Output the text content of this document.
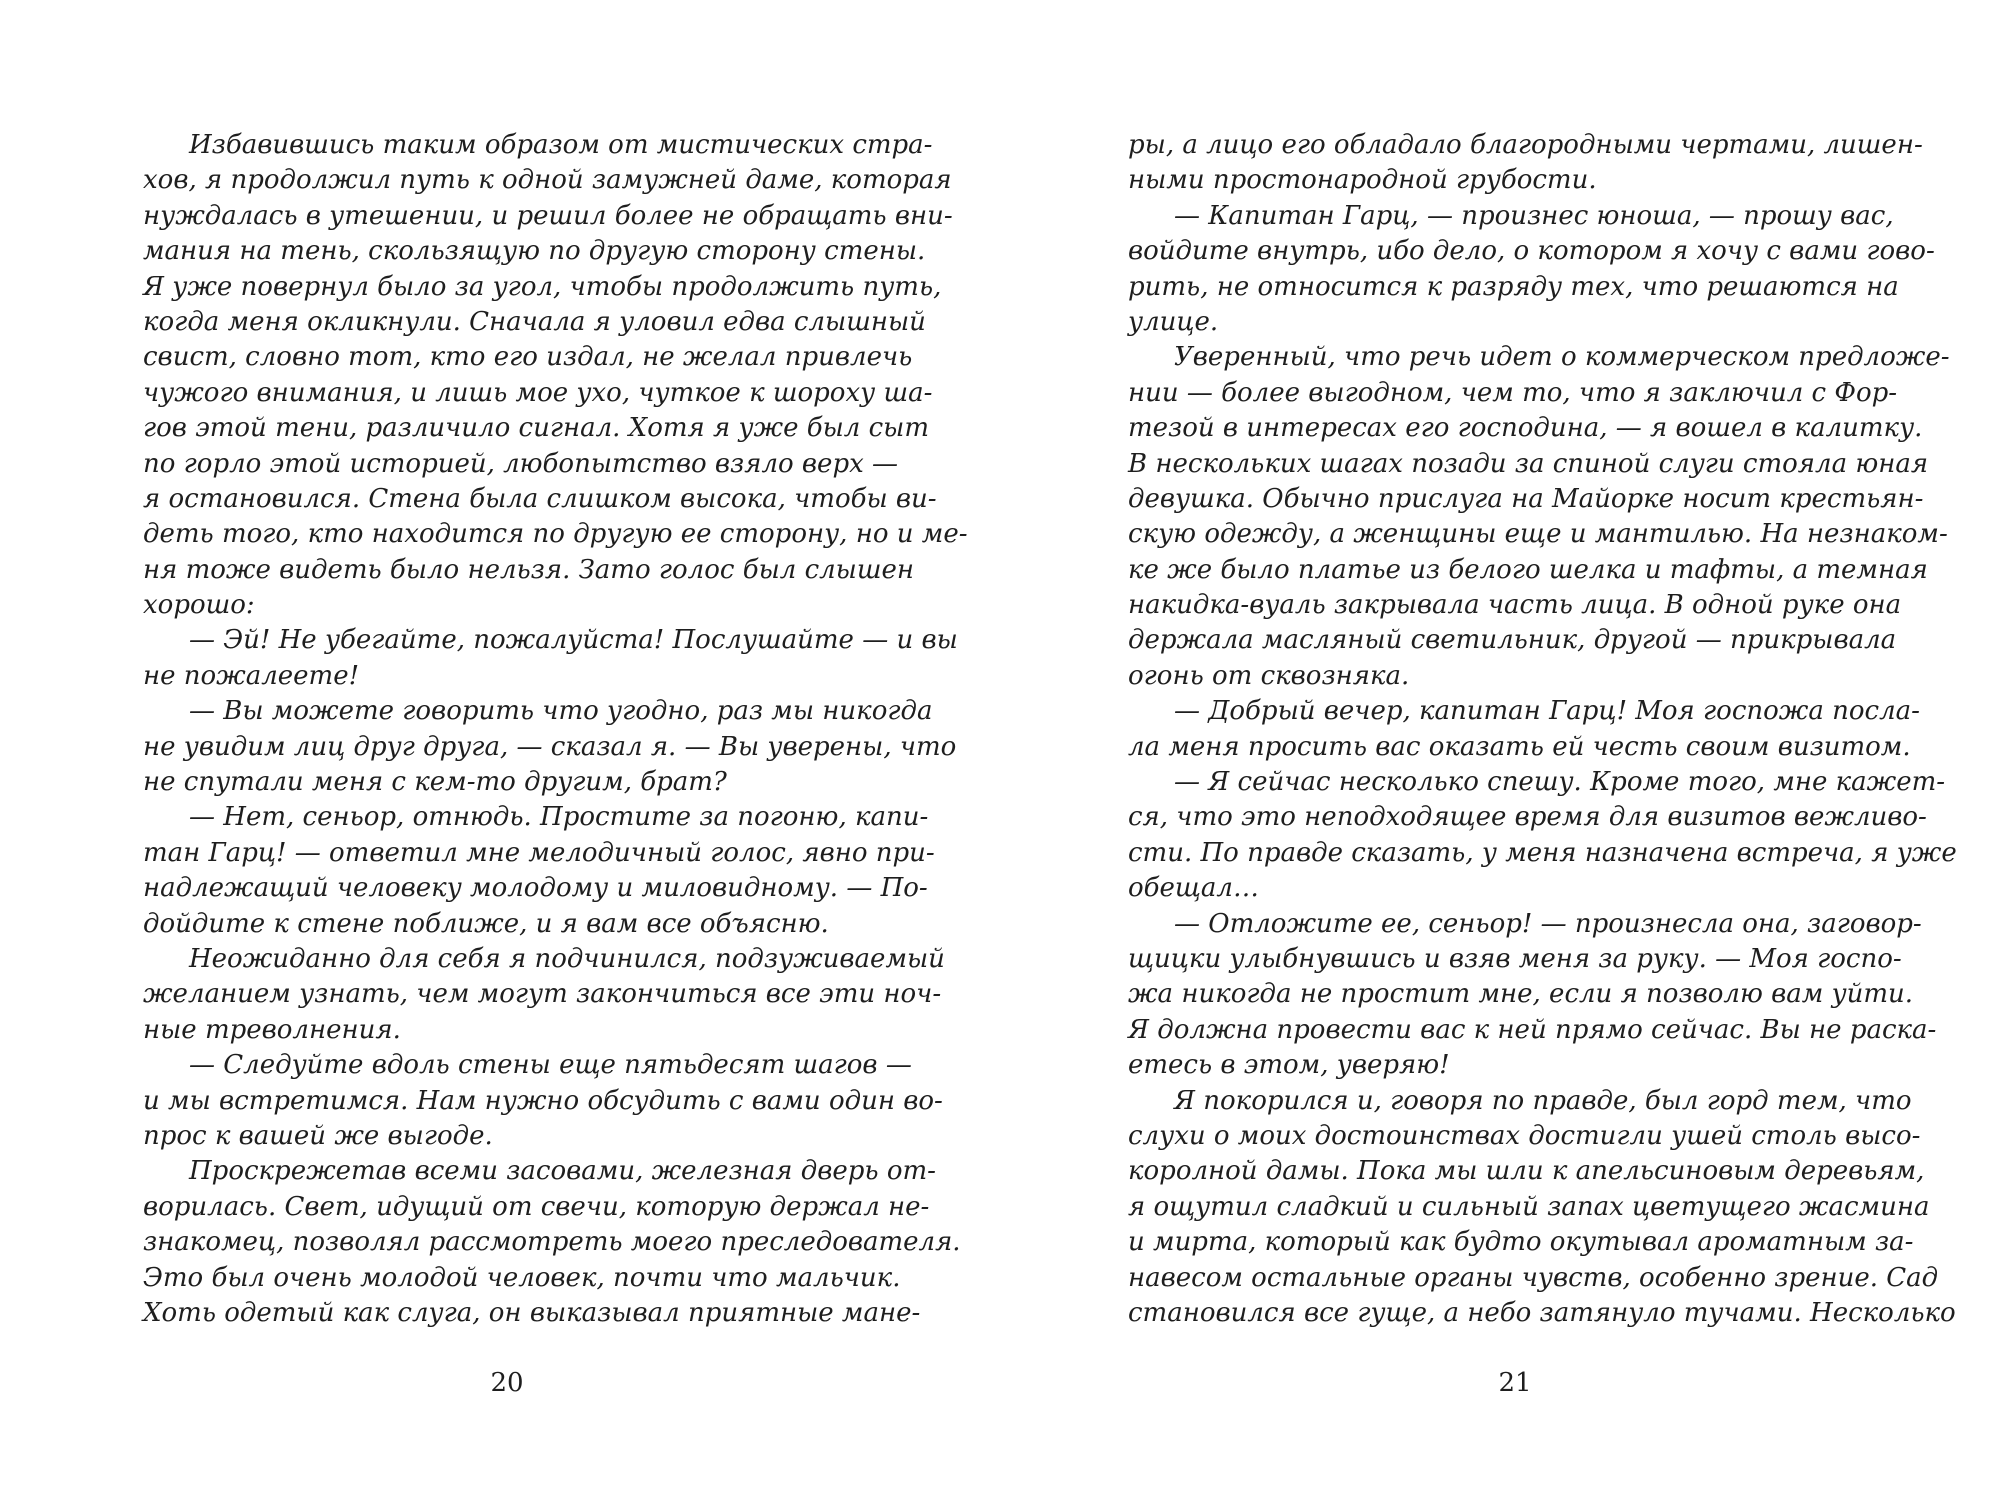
Избавившись таким образом от мистических стра-
хов, я продолжил путь к одной замужней даме, которая
нуждалась в утешении, и решил более не обращать вни-
мания на тень, скользящую по другую сторону стены.
Я уже повернул было за угол, чтобы продолжить путь,
когда меня окликнули. Сначала я уловил едва слышный
свист, словно тот, кто его издал, не желал привлечь
чужого внимания, и лишь мое ухо, чуткое к шороху ша-
гов этой тени, различило сигнал. Хотя я уже был сыт
по горло этой историей, любопытство взяло верх —
я остановился. Стена была слишком высока, чтобы ви-
деть того, кто находится по другую ее сторону, но и ме-
ня тоже видеть было нельзя. Зато голос был слышен
хорошо:
— Эй! Не убегайте, пожалуйста! Послушайте — и вы
не пожалеете!
— Вы можете говорить что угодно, раз мы никогда
не увидим лиц друг друга, — сказал я. — Вы уверены, что
не спутали меня с кем-то другим, брат?
— Нет, сеньор, отнюдь. Простите за погоню, капи-
тан Гарц! — ответил мне мелодичный голос, явно при-
надлежащий человеку молодому и миловидному. — По-
дойдите к стене поближе, и я вам все объясню.
Неожиданно для себя я подчинился, подзуживаемый
желанием узнать, чем могут закончиться все эти ноч-
ные треволнения.
— Следуйте вдоль стены еще пятьдесят шагов —
и мы встретимся. Нам нужно обсудить с вами один во-
прос к вашей же выгоде.
Проскрежетав всеми засовами, железная дверь от-
ворилась. Свет, идущий от свечи, которую держал не-
знакомец, позволял рассмотреть моего преследователя.
Это был очень молодой человек, почти что мальчик.
Хоть одетый как слуга, он выказывал приятные мане-
20
ры, а лицо его обладало благородными чертами, лишен-
ными простонародной грубости.
— Капитан Гарц, — произнес юноша, — прошу вас,
войдите внутрь, ибо дело, о котором я хочу с вами гово-
рить, не относится к разряду тех, что решаются на
улице.
Уверенный, что речь идет о коммерческом предложе-
нии — более выгодном, чем то, что я заключил с Фор-
тезой в интересах его господина, — я вошел в калитку.
В нескольких шагах позади за спиной слуги стояла юная
девушка. Обычно прислуга на Майорке носит крестьян-
скую одежду, а женщины еще и мантилью. На незнаком-
ке же было платье из белого шелка и тафты, а темная
накидка-вуаль закрывала часть лица. В одной руке она
держала масляный светильник, другой — прикрывала
огонь от сквозняка.
— Добрый вечер, капитан Гарц! Моя госпожа посла-
ла меня просить вас оказать ей честь своим визитом.
— Я сейчас несколько спешу. Кроме того, мне кажет-
ся, что это неподходящее время для визитов вежливо-
сти. По правде сказать, у меня назначена встреча, я уже
обещал…
— Отложите ее, сеньор! — произнесла она, заговор-
щицки улыбнувшись и взяв меня за руку. — Моя госпо-
жа никогда не простит мне, если я позволю вам уйти.
Я должна провести вас к ней прямо сейчас. Вы не раска-
етесь в этом, уверяю!
Я покорился и, говоря по правде, был горд тем, что
слухи о моих достоинствах достигли ушей столь высо-
королной дамы. Пока мы шли к апельсиновым деревьям,
я ощутил сладкий и сильный запах цветущего жасмина
и мирта, который как будто окутывал ароматным за-
навесом остальные органы чувств, особенно зрение. Сад
становился все гуще, а небо затянуло тучами. Несколько
21
